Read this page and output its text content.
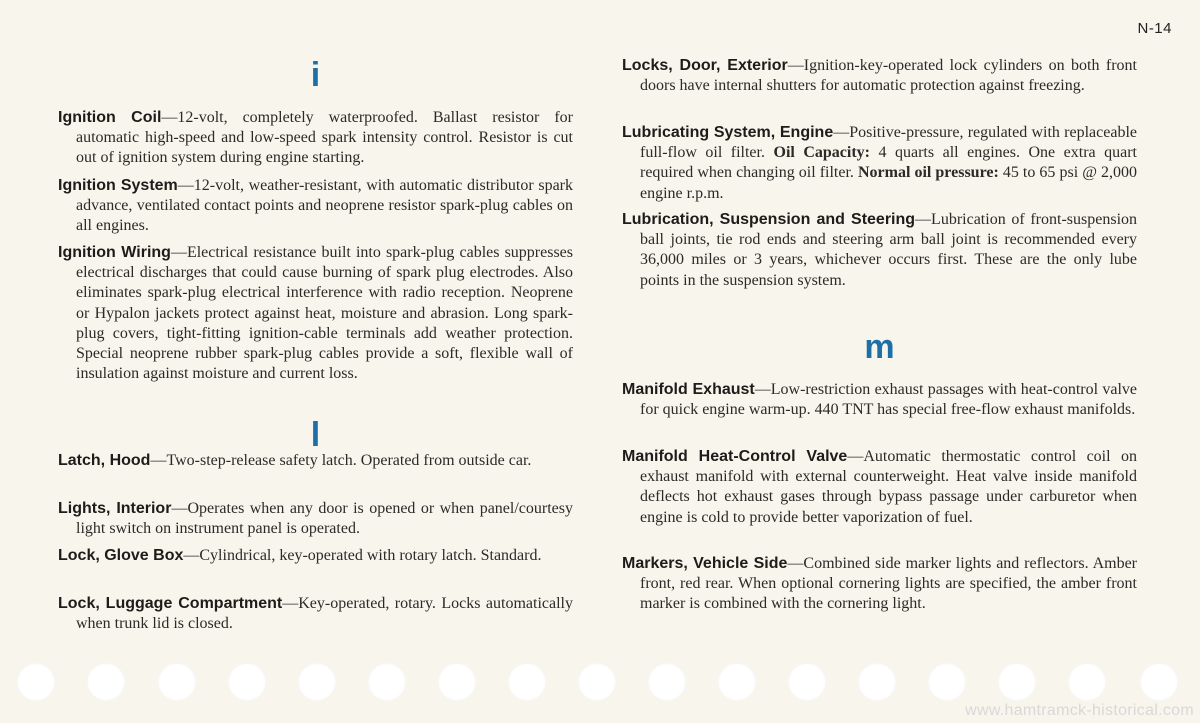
N-14
i
Ignition Coil—12-volt, completely waterproofed. Ballast resistor for automatic high-speed and low-speed spark intensity control. Resistor is cut out of ignition system during engine starting.
Ignition System—12-volt, weather-resistant, with automatic distributor spark advance, ventilated contact points and neoprene resistor spark-plug cables on all engines.
Ignition Wiring—Electrical resistance built into spark-plug cables suppresses electrical discharges that could cause burning of spark plug electrodes. Also eliminates spark-plug electrical interference with radio reception. Neoprene or Hypalon jackets protect against heat, moisture and abrasion. Long spark-plug covers, tight-fitting ignition-cable terminals add weather protection. Special neoprene rubber spark-plug cables provide a soft, flexible wall of insulation against moisture and current loss.
l
Latch, Hood—Two-step-release safety latch. Operated from outside car.
Lights, Interior—Operates when any door is opened or when panel/courtesy light switch on instrument panel is operated.
Lock, Glove Box—Cylindrical, key-operated with rotary latch. Standard.
Lock, Luggage Compartment—Key-operated, rotary. Locks automatically when trunk lid is closed.
Locks, Door, Exterior—Ignition-key-operated lock cylinders on both front doors have internal shutters for automatic protection against freezing.
Lubricating System, Engine—Positive-pressure, regulated with replaceable full-flow oil filter. Oil Capacity: 4 quarts all engines. One extra quart required when changing oil filter. Normal oil pressure: 45 to 65 psi @ 2,000 engine r.p.m.
Lubrication, Suspension and Steering—Lubrication of front-suspension ball joints, tie rod ends and steering arm ball joint is recommended every 36,000 miles or 3 years, whichever occurs first. These are the only lube points in the suspension system.
m
Manifold Exhaust—Low-restriction exhaust passages with heat-control valve for quick engine warm-up. 440 TNT has special free-flow exhaust manifolds.
Manifold Heat-Control Valve—Automatic thermostatic control coil on exhaust manifold with external counterweight. Heat valve inside manifold deflects hot exhaust gases through bypass passage under carburetor when engine is cold to provide better vaporization of fuel.
Markers, Vehicle Side—Combined side marker lights and reflectors. Amber front, red rear. When optional cornering lights are specified, the amber front marker is combined with the cornering light.
www.hamtramck-historical.com
